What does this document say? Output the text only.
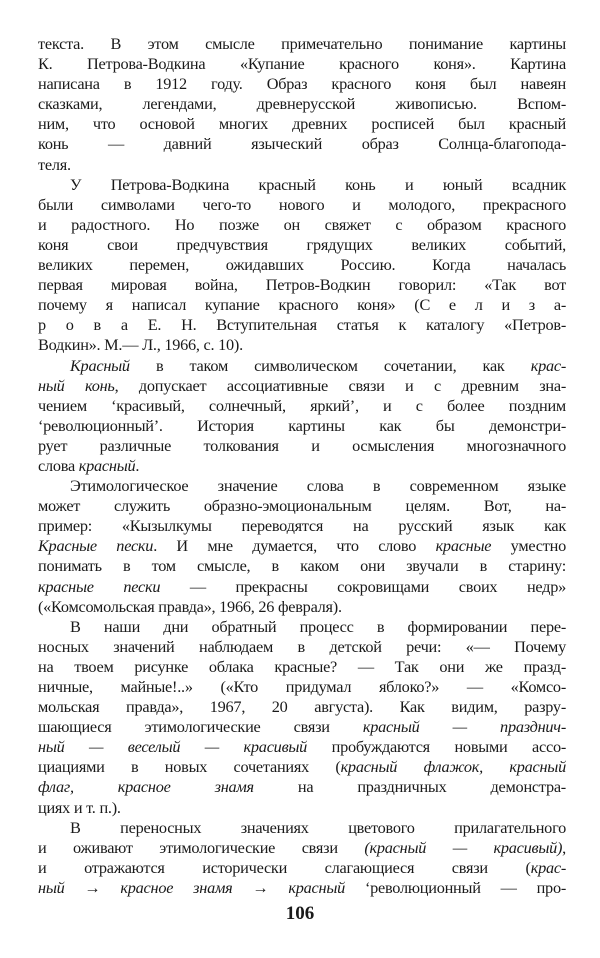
текста. В этом смысле примечательно понимание картины
К. Петрова-Водкина «Купание красного коня». Картина
написана в 1912 году. Образ красного коня был навеян
сказками, легендами, древнерусской живописью. Вспом-
ним, что основой многих древних росписей был красный
конь — давний языческий образ Солнца-благопода-
теля.
У Петрова-Водкина красный конь и юный всадник
были символами чего-то нового и молодого, прекрасного
и радостного. Но позже он свяжет с образом красного
коня свои предчувствия грядущих великих событий,
великих перемен, ожидавших Россию. Когда началась
первая мировая война, Петров-Водкин говорил: «Так вот
почему я написал купание красного коня» (С е л и з а-
р о в а Е. Н. Вступительная статья к каталогу «Петров-
Водкин». М.— Л., 1966, с. 10).
Красный в таком символическом сочетании, как крас-
ный конь, допускает ассоциативные связи и с древним зна-
чением ‘красивый, солнечный, яркий’, и с более поздним
‘революционный’. История картины как бы демонстри-
рует различные толкования и осмысления многозначного
слова красный.
Этимологическое значение слова в современном языке
может служить образно-эмоциональным целям. Вот, на-
пример: «Кызылкумы переводятся на русский язык как
Красные пески. И мне думается, что слово красные уместно
понимать в том смысле, в каком они звучали в старину:
красные пески — прекрасны сокровищами своих недр»
(«Комсомольская правда», 1966, 26 февраля).
В наши дни обратный процесс в формировании пере-
носных значений наблюдаем в детской речи: «— Почему
на твоем рисунке облака красные? — Так они же празд-
ничные, майные!..» («Кто придумал яблоко?» — «Комсо-
мольская правда», 1967, 20 августа). Как видим, разру-
шающиеся этимологические связи красный — празднич-
ный — веселый — красивый пробуждаются новыми ассо-
циациями в новых сочетаниях (красный флажок, красный
флаг, красное знамя на праздничных демонстра-
циях и т. п.).
В переносных значениях цветового прилагательного
и оживают этимологические связи (красный — красивый),
и отражаются исторически слагающиеся связи (крас-
ный → красное знамя → красный ‘революционный — про-
106
